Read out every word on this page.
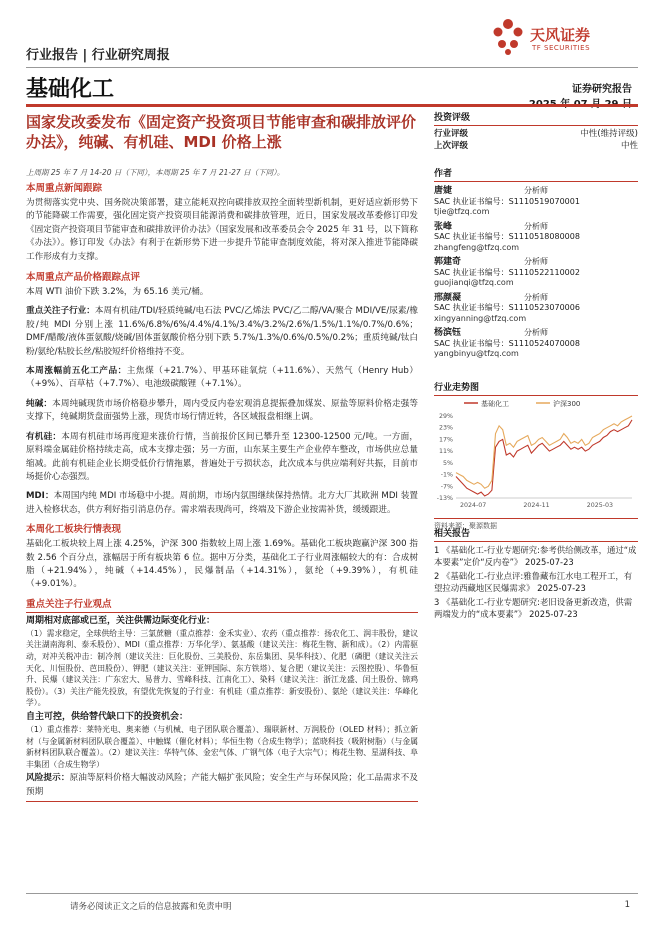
行业报告 | 行业研究周报
天风证券
TF SECURITIES
基础化工	证券研究报告
国家发改委发布《固定资产投资项目节能审查和碳排放评价办法》，纯碱、有机硅、MDI 价格上涨
上周期 25 年 7 月 14-20 日（下同），本周期 25 年 7 月 21-27 日（下同）。
本周重点新闻跟踪

为贯彻落实党中央、国务院决策部署，建立能耗双控向碳排放双控全面转型新机制，更好适应新形势下的节能降碳工作需要，强化固定资产投资项目能源消费和碳排放管理，近日，国家发展改革委修订印发《固定资产投资项目节能审查和碳排放评价办法》（国家发展和改革委员会令 2025 年 31 号，以下简称《办法》）。修订印发《办法》有利于在新形势下进一步提升节能审查制度效能，将对深入推进节能降碳工作形成有力支撑。

本周重点产品价格跟踪点评

本周 WTI 油价下跌 3.2%，为 65.16 美元/桶。

重点关注子行业：本周有机硅/TDI/轻质纯碱/电石法 PVC/乙烯法 PVC/乙二醇/VA/聚合 MDI/VE/尿素/橡胶/纯 MDI 分别上涨 11.6%/6.8%/6%/4.4%/4.1%/3.4%/3.2%/2.6%/1.5%/1.1%/0.7%/0.6%；DMF/醋酸/液体蛋氨酸/烧碱/固体蛋氨酸价格分别下跌 5.7%/1.3%/0.6%/0.5%/0.2%；重质纯碱/钛白粉/氨纶/粘胶长丝/粘胶短纤价格维持不变。

本周涨幅前五化工产品：主焦煤（+21.7%）、甲基环硅氧烷（+11.6%）、天然气（Henry Hub）（+9%）、百草枯（+7.7%）、电池级碳酸锂（+7.1%）。

纯碱：本周纯碱现货市场价格稳步攀升，周内受反内卷宏观消息提振叠加煤炭、原盐等原料价格走强等支撑下，纯碱期货盘面强势上涨，现货市场行情近转，各区域报盘相继上调。

有机硅：本周有机硅市场再度迎来涨价行情，当前报价区间已攀升至 12300-12500 元/吨。一方面，原料端金属硅价格持续走高，成本支撑走强；另一方面，山东某主要生产企业停车整改，市场供应总量缩减。此前有机硅企业长期受低价行情拖累，普遍处于亏损状态，此次成本与供应端利好共振，目前市场挺价心态强烈。

MDI：本周国内纯 MDI 市场稳中小提。周前期，市场内氛围继续保持热情。北方大厂其欧洲 MDI 装置进入检修状态，供方利好指引消息仍存。需求端表现尚可，终端及下游企业按需补货，缓缓跟进。

本周化工板块行情表现

基础化工板块较上周上涨 4.25%，沪深 300 指数较上周上涨 1.69%。基础化工板块跑赢沪深 300 指数 2.56 个百分点，涨幅居于所有板块第 6 位。据申万分类，基础化工子行业周涨幅较大的有：合成树脂（+21.94%），纯碱（+14.45%），民爆制品（+14.31%），氨纶（+9.39%），有机硅（+9.01%）。

重点关注子行业观点
周期相对底部或已至，关注供需边际变化行业：

（1）需求稳定，全球供给主导：三氯蔗糖（重点推荐：金禾实业）、农药（重点推荐：扬农化工、润丰股份，建议关注湖南海利、泰禾股份）、MDI（重点推荐：万华化学）、氨基酸（建议关注：梅花生物、新和成）。（2）内需驱动，对冲关税冲击：制冷剂（建议关注：巨化股份、三美股份、东岳集团、昊华科技）、化肥（磷肥（建议关注云天化、川恒股份、芭田股份）、钾肥（建议关注：亚钾国际、东方铁塔）、复合肥（建议关注：云图控股）、华鲁恒升、民爆（建议关注：广东宏大、易普力、雪峰科技、江南化工）、染料（建议关注：浙江龙盛、闰土股份、锦鸡股份）。（3）关注产能先投放，有望优先恢复的子行业：有机硅（重点推荐：新安股份）、氨纶（建议关注：华峰化学）。

自主可控，供给替代缺口下的投资机会：

（1）重点推荐：莱特光电、奥来德（与机械、电子团队联合覆盖）、瑞联新材、万润股份（OLED 材料）；抓立新材（与金属新材料团队联合覆盖）、中触媒（催化材料）；华恒生物（合成生物学）；蓝晓科技（吸附树脂）（与金属新材料团队联合覆盖）。（2）建议关注：华特气体、金宏气体、广钢气体（电子大宗气）；梅花生物、星湖科技、阜丰集团（合成生物学）

风险提示：原油等原料价格大幅波动风险；产能大幅扩张风险；安全生产与环保风险；化工品需求不及预期

投资评级
行业评级	中性(维持评级)
上次评级	中性
作者
唐婕	分析师
SAC 执业证书编号：S1110519070001
tjie@tfzq.com
张峰	分析师
SAC 执业证书编号：S1110518080008
zhangfeng@tfzq.com
郭建奇	分析师
SAC 执业证书编号：S1110522110002
guojianqi@tfzq.com
邢颜凝	分析师
SAC 执业证书编号：S1110523070006
xingyanning@tfzq.com
杨滨钰	分析师
SAC 执业证书编号：S1110524070008
yangbinyu@tfzq.com
行业走势图
基础化工	沪深300
29%
23%
17%
11%
5%
-1%
-7%
-13%
2024-07	2024-11	2025-03
资料来源：聚源数据
相关报告
1 《基础化工-行业专题研究:参考供给侧改革，通过“成本要素”定价“反内卷”》 2025-07-23
2 《基础化工-行业点评:雅鲁藏布江水电工程开工，有望拉动西藏地区民爆需求》 2025-07-23
3 《基础化工-行业专题研究:老旧设备更新改造，供需两端发力的“成本要素”》 2025-07-23
请务必阅读正文之后的信息披露和免责申明	1
